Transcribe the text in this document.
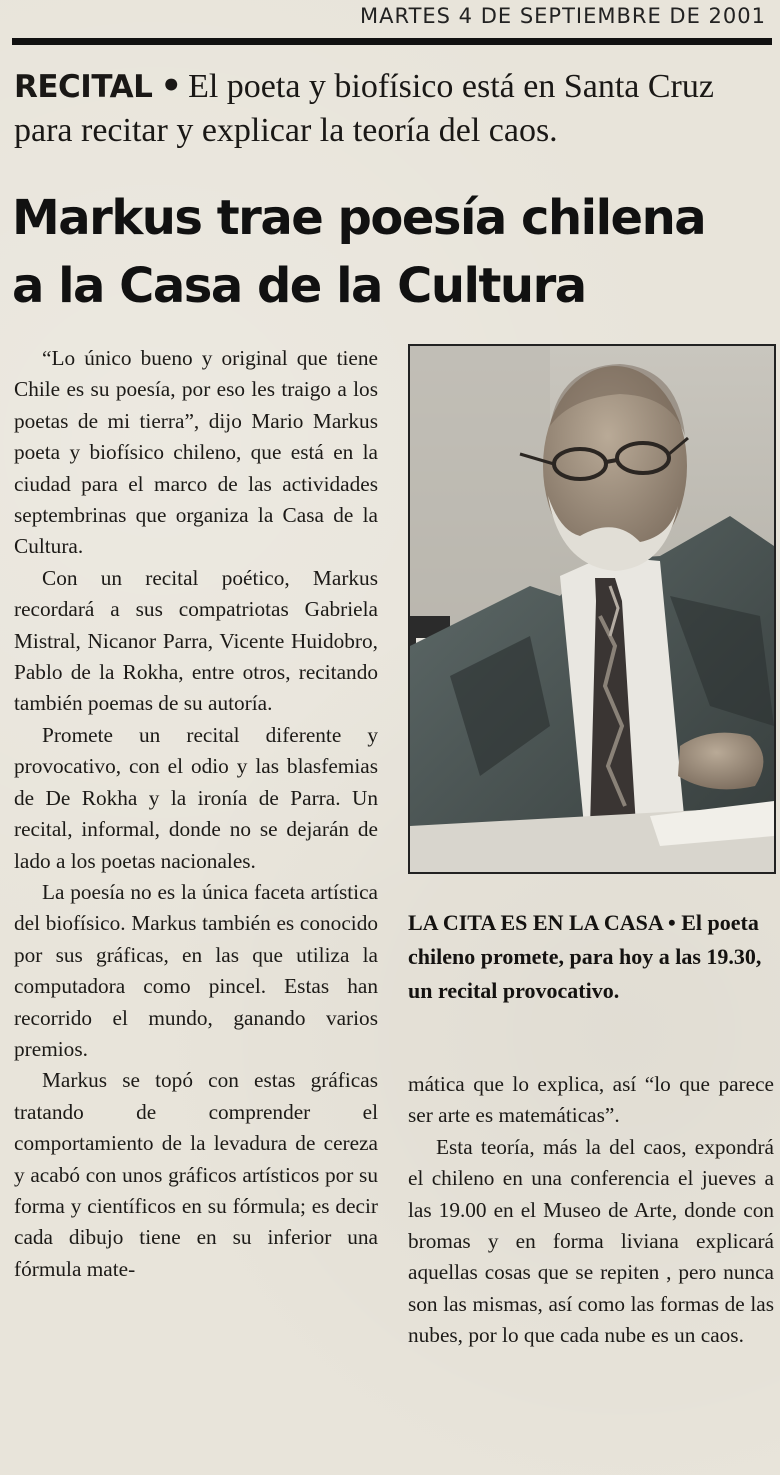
MARTES 4 DE SEPTIEMBRE DE 2001
RECITAL • El poeta y biofísico está en Santa Cruz para recitar y explicar la teoría del caos.
Markus trae poesía chilena
a la Casa de la Cultura

“Lo único bueno y original que tiene Chile es su poesía, por eso les traigo a los poetas de mi tierra”, dijo Mario Markus poeta y biofísico chileno, que está en la ciudad para el marco de las actividades septembrinas que organiza la Casa de la Cultura.

Con un recital poético, Markus recordará a sus compatriotas Gabriela Mistral, Nicanor Parra, Vicente Huidobro, Pablo de la Rokha, entre otros, recitando también poemas de su autoría.

Promete un recital diferente y provocativo, con el odio y las blasfemias de De Rokha y la ironía de Parra. Un recital, informal, donde no se dejarán de lado a los poetas nacionales.

La poesía no es la única faceta artística del biofísico. Markus también es conocido por sus gráficas, en las que utiliza la computadora como pincel. Estas han recorrido el mundo, ganando varios premios.

Markus se topó con estas gráficas tratando de comprender el comportamiento de la levadura de cereza y acabó con unos gráficos artísticos por su forma y científicos en su fórmula; es decir cada dibujo tiene en su inferior una fórmula mate-

LA CITA ES EN LA CASA • El poeta chileno promete, para hoy a las 19.30, un recital provocativo.

mática que lo explica, así “lo que parece ser arte es matemáticas”.

Esta teoría, más la del caos, expondrá el chileno en una conferencia el jueves a las 19.00 en el Museo de Arte, donde con bromas y en forma liviana explicará aquellas cosas que se repiten , pero nunca son las mismas, así como las formas de las nubes, por lo que cada nube es un caos.
